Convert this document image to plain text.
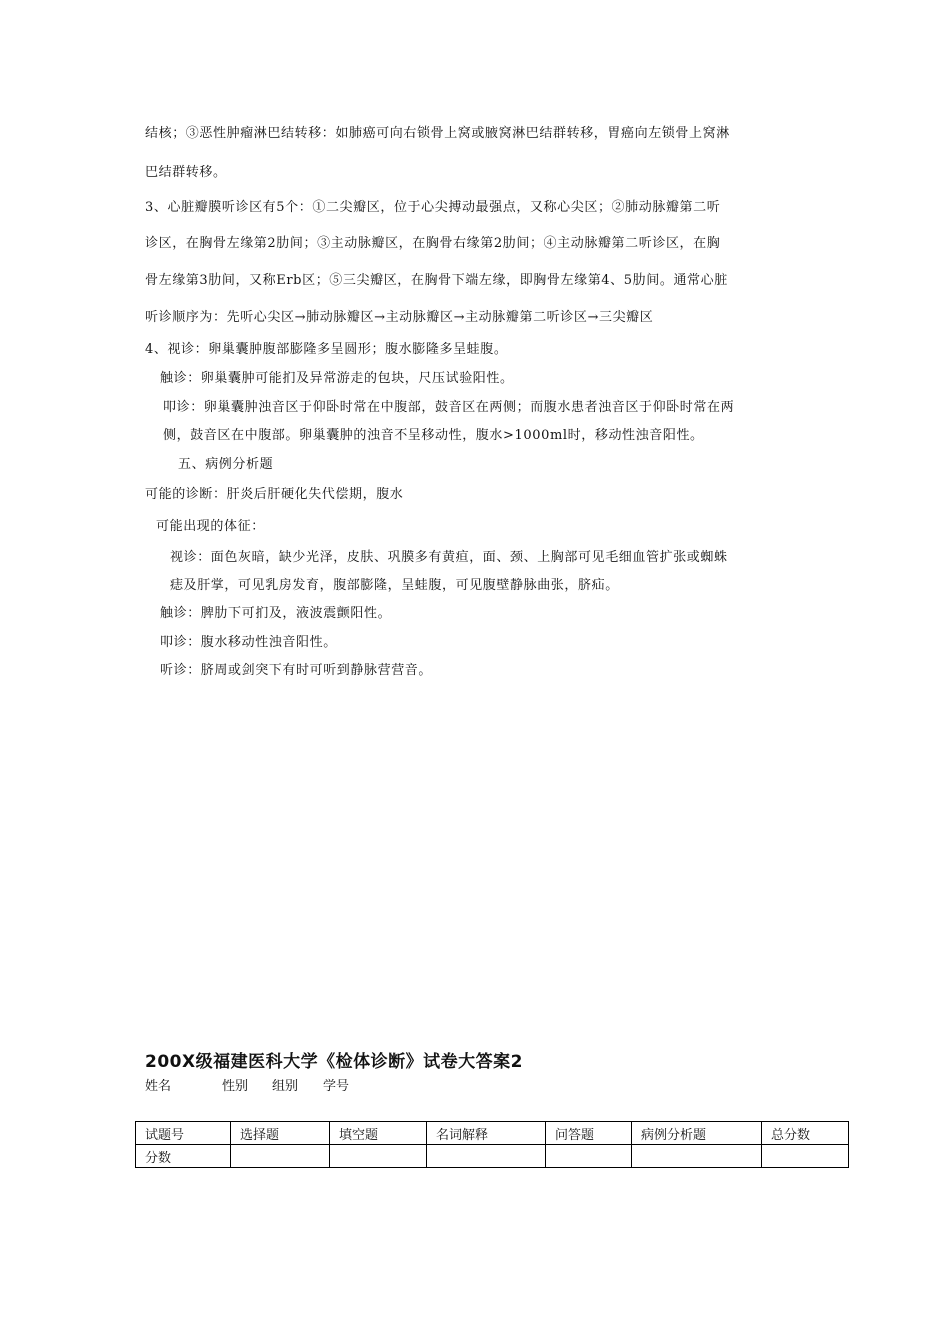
结核；③恶性肿瘤淋巴结转移：如肺癌可向右锁骨上窝或腋窝淋巴结群转移，胃癌向左锁骨上窝淋
巴结群转移。
3、心脏瓣膜听诊区有5个：①二尖瓣区，位于心尖搏动最强点，又称心尖区；②肺动脉瓣第二听
诊区，在胸骨左缘第2肋间；③主动脉瓣区，在胸骨右缘第2肋间；④主动脉瓣第二听诊区，在胸
骨左缘第3肋间，又称Erb区；⑤三尖瓣区，在胸骨下端左缘，即胸骨左缘第4、5肋间。通常心脏
听诊顺序为：先听心尖区→肺动脉瓣区→主动脉瓣区→主动脉瓣第二听诊区→三尖瓣区
4、视诊：卵巢囊肿腹部膨隆多呈圆形；腹水膨隆多呈蛙腹。
触诊：卵巢囊肿可能扪及异常游走的包块，尺压试验阳性。
叩诊：卵巢囊肿浊音区于仰卧时常在中腹部，鼓音区在两侧；而腹水患者浊音区于仰卧时常在两
侧，鼓音区在中腹部。卵巢囊肿的浊音不呈移动性，腹水>1000ml时，移动性浊音阳性。
五、病例分析题
可能的诊断：肝炎后肝硬化失代偿期，腹水
可能出现的体征：
视诊：面色灰暗，缺少光泽，皮肤、巩膜多有黄疸，面、颈、上胸部可见毛细血管扩张或蜘蛛
痣及肝掌，可见乳房发育，腹部膨隆，呈蛙腹，可见腹壁静脉曲张，脐疝。
触诊：脾肋下可扪及，液波震颤阳性。
叩诊：腹水移动性浊音阳性。
听诊：脐周或剑突下有时可听到静脉营营音。
200X级福建医科大学《检体诊断》试卷大答案2
姓名	性别 组别 学号
试题号	选择题	填空题	名词解释	问答题	病例分析题	总分数
分数						
